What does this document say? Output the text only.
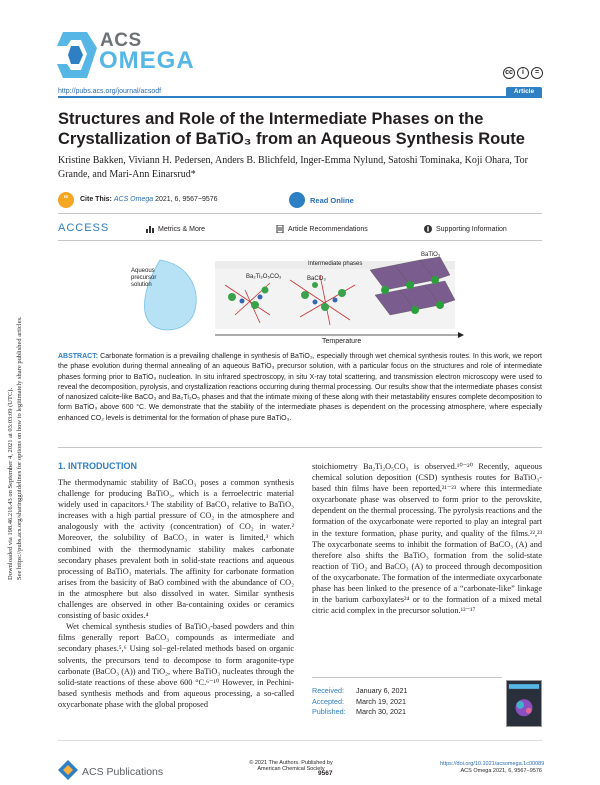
ACS
OMEGA	cc	i	=
http://pubs.acs.org/journal/acsodf	Article
Structures and Role of the Intermediate Phases on the Crystallization of BaTiO₃ from an Aqueous Synthesis Route
Kristine Bakken, Viviann H. Pedersen, Anders B. Blichfeld, Inger-Emma Nylund, Satoshi Tominaka, Koji Ohara, Tor Grande, and Mari-Ann Einarsrud*
“	Cite This: ACS Omega 2021, 6, 9567−9576	Read Online
ACCESS	Metrics & More	Article Recommendations	Supporting Information
Aqueous
precursor
solution
Intermediate phases
Ba₂Ti₂O₅CO₃	BaCO₃
BaTiO₃
Temperature
ABSTRACT: Carbonate formation is a prevailing challenge in synthesis of BaTiO₃, especially through wet chemical synthesis routes. In this work, we report the phase evolution during thermal annealing of an aqueous BaTiO₃ precursor solution, with a particular focus on the structures and role of intermediate phases forming prior to BaTiO₃ nucleation. In situ infrared spectroscopy, in situ X-ray total scattering, and transmission electron microscopy were used to reveal the decomposition, pyrolysis, and crystallization reactions occurring during thermal processing. Our results show that the intermediate phases consist of nanosized calcite-like BaCO₃ and Ba₂Ti₂O₅ phases and that the intimate mixing of these along with their metastability ensures complete decomposition to form BaTiO₃ above 600 °C. We demonstrate that the stability of the intermediate phases is dependent on the processing atmosphere, where especially enhanced CO₂ levels is detrimental for the formation of phase pure BaTiO₃.
Downloaded via 198.46.216.43 on September 4, 2021 at 03:03:09 (UTC). See https://pubs.acs.org/sharingguidelines for options on how to legitimately share published articles.	1. INTRODUCTION

The thermodynamic stability of BaCO₃ poses a common synthesis challenge for producing BaTiO₃, which is a ferroelectric material widely used in capacitors.¹ The stability of BaCO₃ relative to BaTiO₃ increases with a high partial pressure of CO₂ in the atmosphere and analogously with the activity (concentration) of CO₂ in water.² Moreover, the solubility of BaCO₃ in water is limited,³ which combined with the thermodynamic stability makes carbonate secondary phases prevalent both in solid-state reactions and aqueous processing of BaTiO₃ materials. The affinity for carbonate formation arises from the basicity of BaO combined with the abundance of CO₂ in the atmosphere but also dissolved in water. Similar synthesis challenges are observed in other Ba-containing oxides or ceramics consisting of basic oxides.⁴

Wet chemical synthesis studies of BaTiO₃-based powders and thin films generally report BaCO₃ compounds as intermediate and secondary phases.⁵,⁶ Using sol−gel-related methods based on organic solvents, the precursors tend to decompose to form aragonite-type carbonate (BaCO₃ (A)) and TiO₂, where BaTiO₃ nucleates through the solid-state reactions of these above 600 °C.⁶⁻¹⁰ However, in Pechini-based synthesis methods and from aqueous processing, a so-called oxycarbonate phase with the global proposed

stoichiometry Ba₂Ti₂O₅CO₃ is observed.¹⁰⁻²⁰ Recently, aqueous chemical solution deposition (CSD) synthesis routes for BaTiO₃-based thin films have been reported,²¹⁻²³ where this intermediate oxycarbonate phase was observed to form prior to the perovskite, dependent on the thermal processing. The pyrolysis reactions and the formation of the oxycarbonate were reported to play an integral part in the texture formation, phase purity, and quality of the films.²²,²³ The oxycarbonate seems to inhibit the formation of BaCO₃ (A) and therefore also shifts the BaTiO₃ formation from the solid-state reaction of TiO₂ and BaCO₃ (A) to proceed through decomposition of the oxycarbonate. The formation of the intermediate oxycarbonate phase has been linked to the presence of a “carbonate-like” linkage in the barium carboxylates²⁴ or to the formation of a mixed metal citric acid complex in the precursor solution.¹²⁻¹⁷

Received: January 6, 2021
Accepted: March 19, 2021
Published: March 30, 2021
ACS Publications
© 2021 The Authors. Published by
American Chemical Society
9567
https://doi.org/10.1021/acsomega.1c00089
ACS Omega 2021, 6, 9567−9576
